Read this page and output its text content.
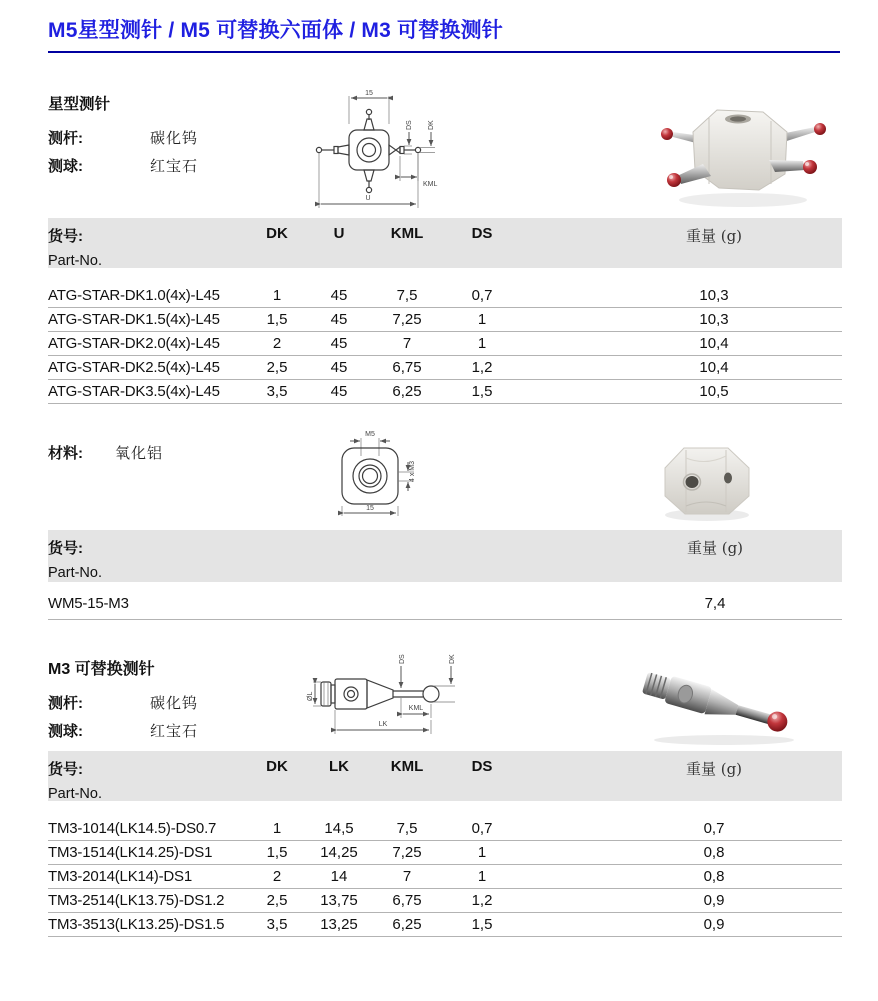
M5星型测针 / M5 可替换六面体 / M3 可替换测针
星型测针
测杆:	碳化钨
测球:	红宝石
15
DS DK
KML
U
货号:
Part-No.
DK	U	KML	DS	重量 (g)
ATG-STAR-DK1.0(4x)-L45	1	45	7,5	0,7	10,3
ATG-STAR-DK1.5(4x)-L45	1,5	45	7,25	1	10,3
ATG-STAR-DK2.0(4x)-L45	2	45	7	1	10,4
ATG-STAR-DK2.5(4x)-L45	2,5	45	6,75	1,2	10,4
ATG-STAR-DK3.5(4x)-L45	3,5	45	6,25	1,5	10,5
材料:	氧化铝
M5
4 x M3
15
货号:
Part-No.
重量 (g)
WM5-15-M3	7,4
M3 可替换测针
测杆:	碳化钨
测球:	红宝石
ØL
DS	DK
KML
LK
货号:
Part-No.
DK	LK	KML	DS	重量 (g)
TM3-1014(LK14.5)-DS0.7	1	14,5	7,5	0,7	0,7
TM3-1514(LK14.25)-DS1	1,5	14,25	7,25	1	0,8
TM3-2014(LK14)-DS1	2	14	7	1	0,8
TM3-2514(LK13.75)-DS1.2	2,5	13,75	6,75	1,2	0,9
TM3-3513(LK13.25)-DS1.5	3,5	13,25	6,25	1,5	0,9
